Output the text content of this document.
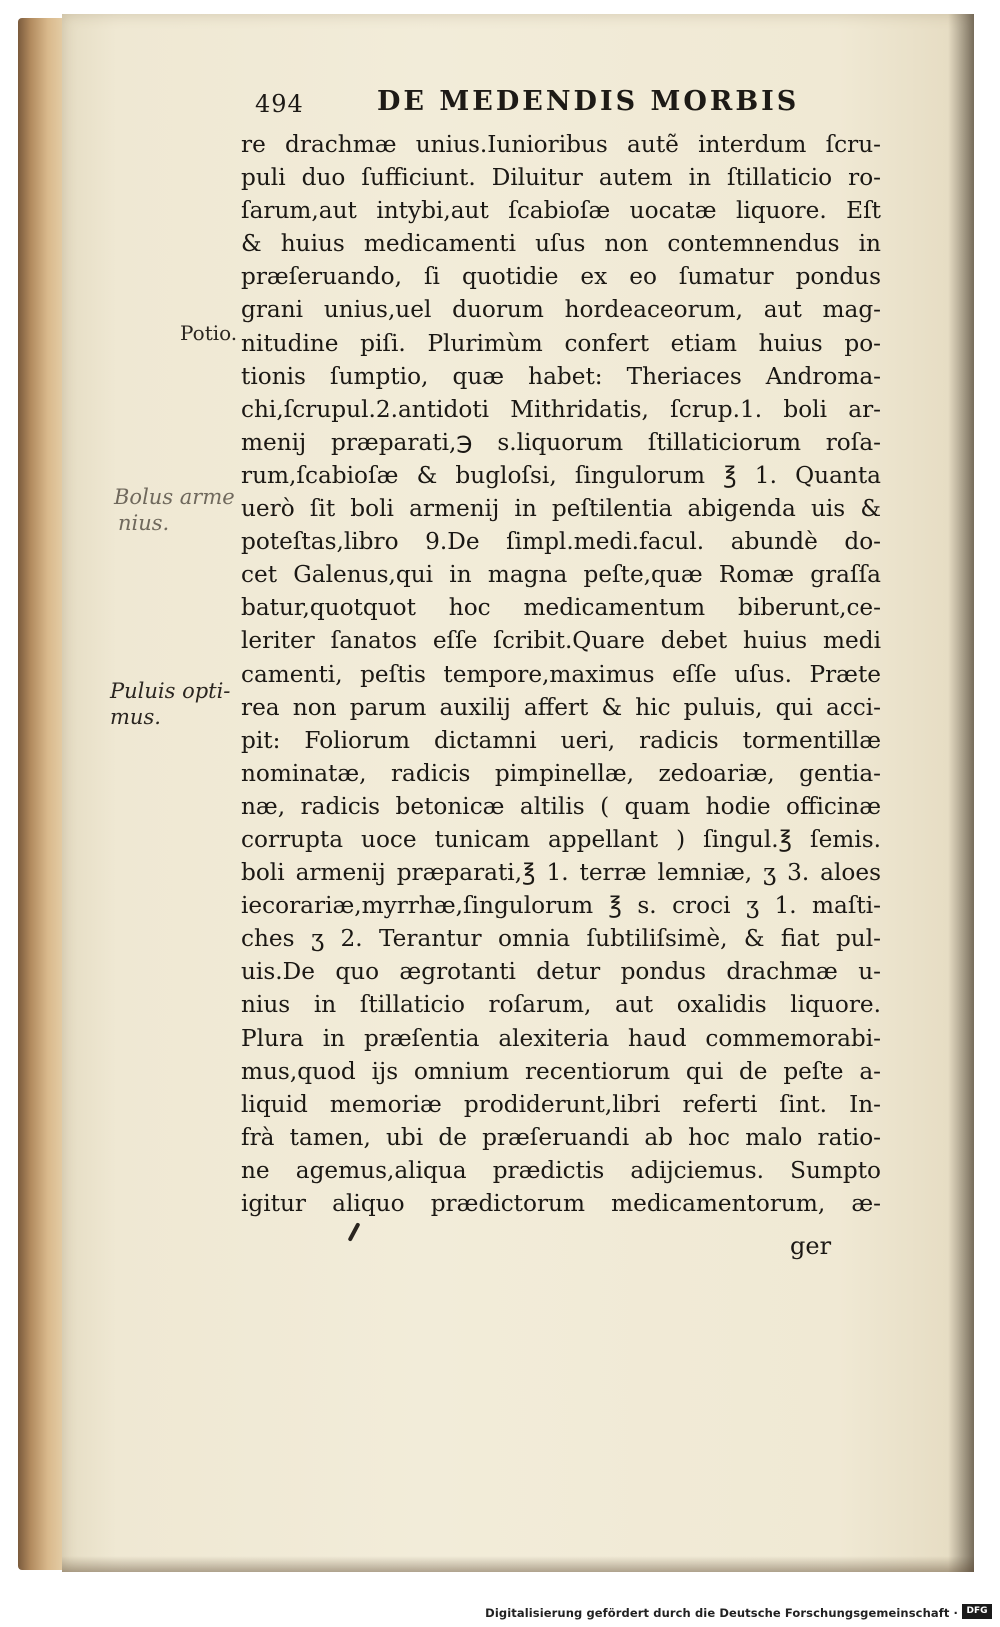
494	DE MEDENDIS MORBIS
Potio.
Bolus arme
nius.
Puluis opti-
mus.
re drachmæ unius.Iunioribus autẽ interdum ſcru-
puli duo ſufficiunt. Diluitur autem in ſtillaticio ro-
ſarum,aut intybi,aut ſcabioſæ uocatæ liquore. Eſt
& huius medicamenti uſus non contemnendus in
præſeruando, ſi quotidie ex eo ſumatur pondus
grani unius,uel duorum hordeaceorum, aut mag-
nitudine piſi. Plurimùm confert etiam huius po-
tionis ſumptio, quæ habet: Theriaces Androma-
chi,ſcrupul.2.antidoti Mithridatis, ſcrup.1. boli ar-
menij præparati,℈ s.liquorum ſtillaticiorum roſa-
rum,ſcabioſæ & bugloſsi, ſingulorum ℥ 1. Quanta
uerò ſit boli armenij in peſtilentia abigenda uis &
poteſtas,libro 9.De ſimpl.medi.facul. abundè do-
cet Galenus,qui in magna peſte,quæ Romæ graſſa
batur,quotquot hoc medicamentum biberunt,ce-
leriter ſanatos eſſe ſcribit.Quare debet huius medi
camenti, peſtis tempore,maximus eſſe uſus. Præte
rea non parum auxilij affert & hic puluis, qui acci-
pit: Foliorum dictamni ueri, radicis tormentillæ
nominatæ, radicis pimpinellæ, zedoariæ, gentia-
næ, radicis betonicæ altilis ( quam hodie officinæ
corrupta uoce tunicam appellant ) ſingul.℥ ſemis.
boli armenij præparati,℥ 1. terræ lemniæ, ʒ 3. aloes
iecorariæ,myrrhæ,ſingulorum ℥ s. croci ʒ 1. maſti-
ches ʒ 2. Terantur omnia ſubtiliſsimè, & fiat pul-
uis.De quo ægrotanti detur pondus drachmæ u-
nius in ſtillaticio roſarum, aut oxalidis liquore.
Plura in præſentia alexiteria haud commemorabi-
mus,quod ijs omnium recentiorum qui de peſte a-
liquid memoriæ prodiderunt,libri referti ſint. In-
frà tamen, ubi de præſeruandi ab hoc malo ratio-
ne agemus,aliqua prædictis adijciemus. Sumpto
igitur aliquo prædictorum medicamentorum, æ-
ger
Digitalisierung gefördert durch die Deutsche Forschungsgemeinschaft · DFG
